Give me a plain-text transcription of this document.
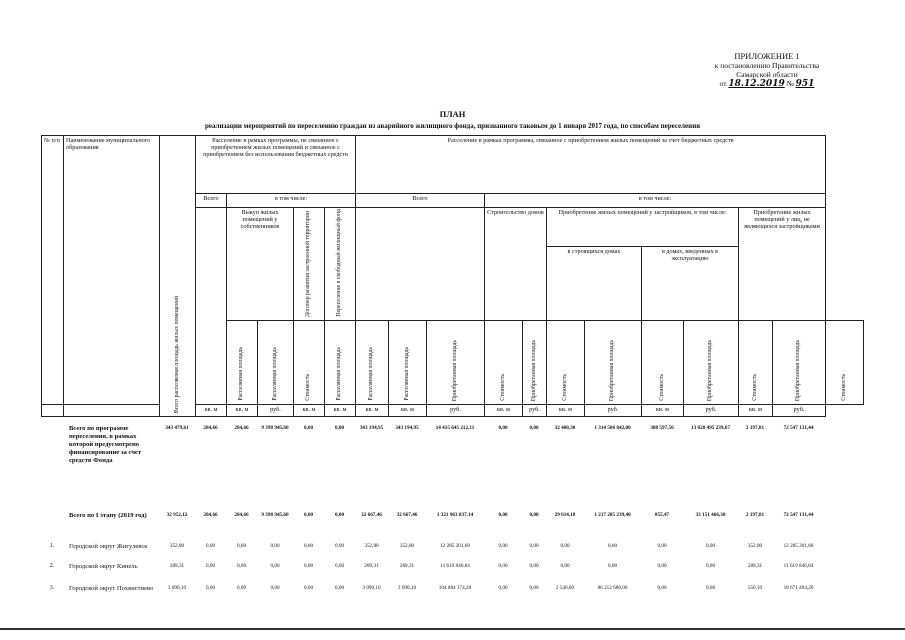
ПРИЛОЖЕНИЕ 1
к постановлению Правительства
Самарской области
от 18.12.2019 № 951
ПЛАН
реализации мероприятий по переселению граждан из аварийного жилищного фонда, признанного таковым до 1 января 2017 года, по способам переселения
№ п/п	Наименование муниципального образования	Всего расселяемая площадь жилых помещений	Расселение в рамках программы, не связанное с приобретением жилых помещений и связанное с приобретением без использования бюджетных средств					Расселение в рамках программы, связанное с приобретением жилых помещений за счет бюджетных средств											
			Всего	в том числе:				Всего			в том числе:								
				Выкуп жилых помещений у собственников		Договор развития застроенной территории	Переселение в свободный жилищный фонд				Строительство домов		Приобретение жилых помещений у застройщиков, в том числе:				Приобретение жилых помещений у лиц, не являющихся застройщиками		
													в строящихся домах		в домах, введенных в эксплуатацию				
				Расселяемая площадь	Расселяемая площадь	Стоимость	Расселяемая площадь	Расселяемая площадь	Расселяемая площадь	Приобретаемая площадь	Стоимость	Приобретаемая площадь	Стоимость	Приобретаемая площадь	Стоимость	Приобретаемая площадь	Стоимость	Приобретаемая площадь	Стоимость
			кв. м	кв. м	руб.	кв. м	кв. м	кв. м	кв. м	руб.	кв. м	руб.	кв. м	руб.	кв. м	руб.	кв. м	руб.	
Всего по программе переселения, в рамках которой предусмотрено финансирование за счет средств Фонда
343 479,61	284,66	284,66	9 398 945,60	0,00	0,00	343 194,95	343 194,95	14 415 645 212,11	0,00	0,00	32 400,30	1 314 506 842,00	308 597,56	13 028 495 239,67	2 197,81	72 547 131,44
Всего по I этапу (2019 год)	32 952,12	284,66	284,66	9 398 945,60	0,00	0,00	32 667,46	32 667,46	1 321 963 837,14	0,00	0,00	29 614,18	1 217 285 239,40	855,47	33 151 466,30	2 197,81	72 547 131,44
1.	Городской округ Жигулевск	352,80	0,00	0,00	0,00	0,00	0,00	352,80	352,80	12 285 201,60	0,00	0,00	0,00	0,00	0,00	0,00	352,80	12 285 201,60
2.	Городской округ Кинель	289,31	0,00	0,00	0,00	0,00	0,00	289,31	289,31	11 619 846,84	0,00	0,00	0,00	0,00	0,00	0,00	289,31	11 619 846,84
3.	Городской округ Похвистнево	3 090,10	0,00	0,00	0,00	0,00	0,00	3 090,10	3 090,10	104 884 174,20	0,00	0,00	2 540,00	86 212 680,00	0,00	0,00	550,10	18 671 494,20
